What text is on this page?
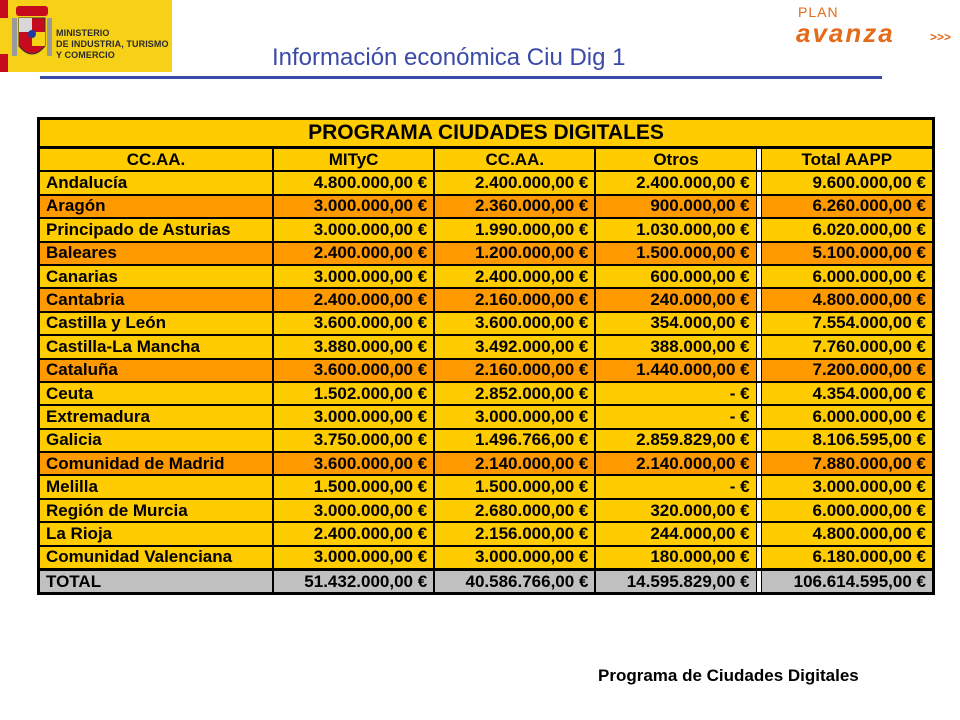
MINISTERIO
DE INDUSTRIA, TURISMO
Y COMERCIO
PLAN
avanza	>>>
Información económica Ciu Dig 1
PROGRAMA CIUDADES DIGITALES					
CC.AA.	MITyC	CC.AA.	Otros		Total AAPP
Andalucía	4.800.000,00 €	2.400.000,00 €	2.400.000,00 €		9.600.000,00 €
Aragón	3.000.000,00 €	2.360.000,00 €	900.000,00 €		6.260.000,00 €
Principado de Asturias	3.000.000,00 €	1.990.000,00 €	1.030.000,00 €		6.020.000,00 €
Baleares	2.400.000,00 €	1.200.000,00 €	1.500.000,00 €		5.100.000,00 €
Canarias	3.000.000,00 €	2.400.000,00 €	600.000,00 €		6.000.000,00 €
Cantabria	2.400.000,00 €	2.160.000,00 €	240.000,00 €		4.800.000,00 €
Castilla y León	3.600.000,00 €	3.600.000,00 €	354.000,00 €		7.554.000,00 €
Castilla-La Mancha	3.880.000,00 €	3.492.000,00 €	388.000,00 €		7.760.000,00 €
Cataluña	3.600.000,00 €	2.160.000,00 €	1.440.000,00 €		7.200.000,00 €
Ceuta	1.502.000,00 €	2.852.000,00 €	- €		4.354.000,00 €
Extremadura	3.000.000,00 €	3.000.000,00 €	- €		6.000.000,00 €
Galicia	3.750.000,00 €	1.496.766,00 €	2.859.829,00 €		8.106.595,00 €
Comunidad de Madrid	3.600.000,00 €	2.140.000,00 €	2.140.000,00 €		7.880.000,00 €
Melilla	1.500.000,00 €	1.500.000,00 €	- €		3.000.000,00 €
Región de Murcia	3.000.000,00 €	2.680.000,00 €	320.000,00 €		6.000.000,00 €
La Rioja	2.400.000,00 €	2.156.000,00 €	244.000,00 €		4.800.000,00 €
Comunidad Valenciana	3.000.000,00 €	3.000.000,00 €	180.000,00 €		6.180.000,00 €
TOTAL	51.432.000,00 €	40.586.766,00 €	14.595.829,00 €		106.614.595,00 €
Programa de Ciudades Digitales
